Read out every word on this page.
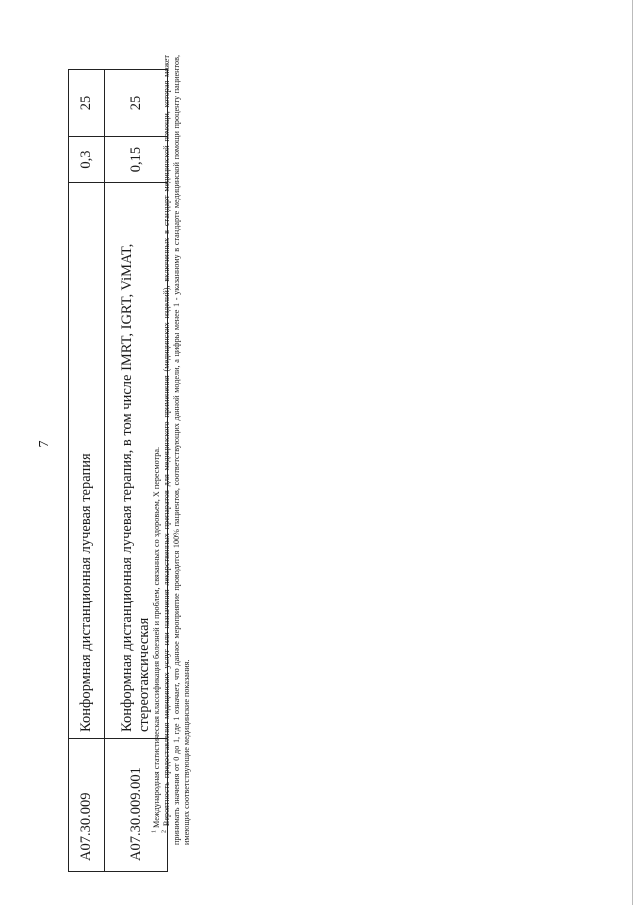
7
A07.30.009	Конформная дистанционная лучевая терапия	0,3	25
A07.30.009.001	Конформная дистанционная лучевая терапия, в том числе IMRT, IGRT, ViMAT, стереотаксическая	0,15	25

$^1$ Международная статистическая классификация болезней и проблем, связанных со здоровьем, X пересмотра.

$^2$ Вероятность предоставления медицинских услуг или назначения лекарственных препаратов для медицинского применения (медицинских изделий), включенных в стандарт медицинской помощи, которая может принимать значения от 0 до 1, где 1 означает, что данное мероприятие проводится 100% пациентов, соответствующих данной модели, а цифры менее 1 - указанному в стандарте медицинской помощи проценту пациентов, имеющих соответствующие медицинские показания.
